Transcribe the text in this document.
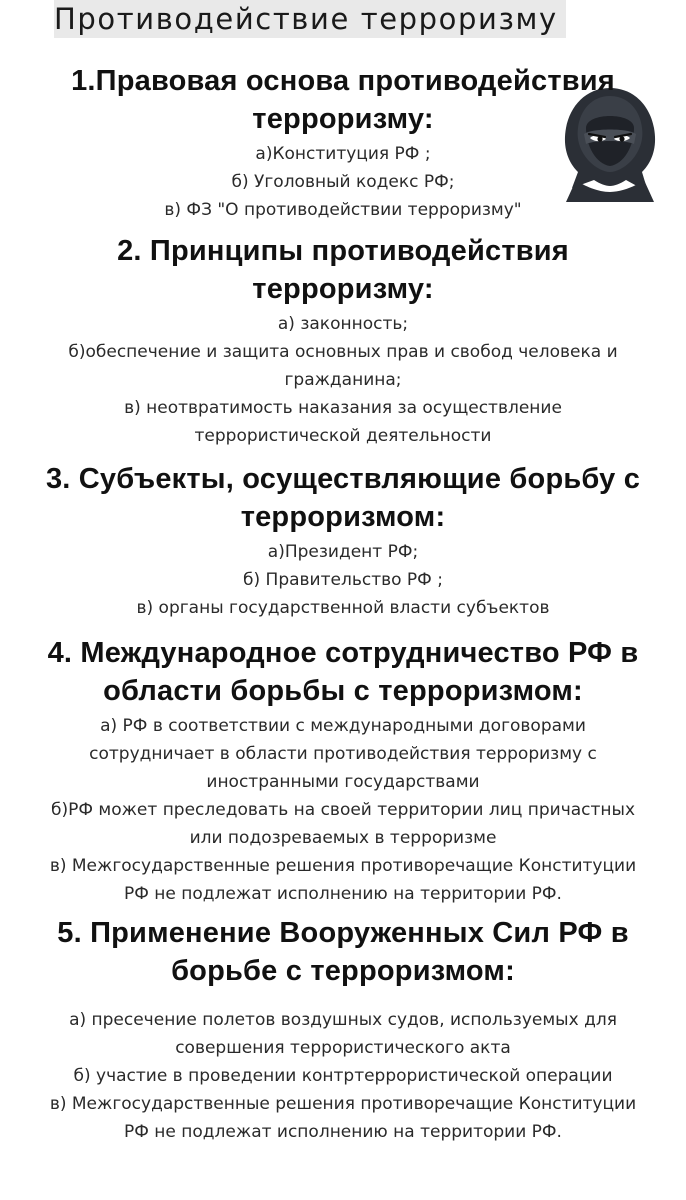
Противодействие терроризму
1.Правовая основа противодействия
терроризму:
а)Конституция РФ ;
б) Уголовный кодекс РФ;
в) ФЗ "О противодействии терроризму"
2. Принципы противодействия
терроризму:
а) законность;
б)обеспечение и защита основных прав и свобод человека и
гражданина;
в) неотвратимость наказания за осуществление
террористической деятельности
3. Субъекты, осуществляющие борьбу с
терроризмом:
а)Президент РФ;
б) Правительство РФ ;
в) органы государственной власти субъектов
4. Международное сотрудничество РФ в
области борьбы с терроризмом:
а) РФ в соответствии с международными договорами
сотрудничает в области противодействия терроризму с
иностранными государствами
б)РФ может преследовать на своей территории лиц причастных
или подозреваемых в терроризме
в) Межгосударственные решения противоречащие Конституции
РФ не подлежат исполнению на территории РФ.
5. Применение Вооруженных Сил РФ в
борьбе с терроризмом:
а) пресечение полетов воздушных судов, используемых для
совершения террористического акта
б) участие в проведении контртеррористической операции
в) Межгосударственные решения противоречащие Конституции
РФ не подлежат исполнению на территории РФ.
